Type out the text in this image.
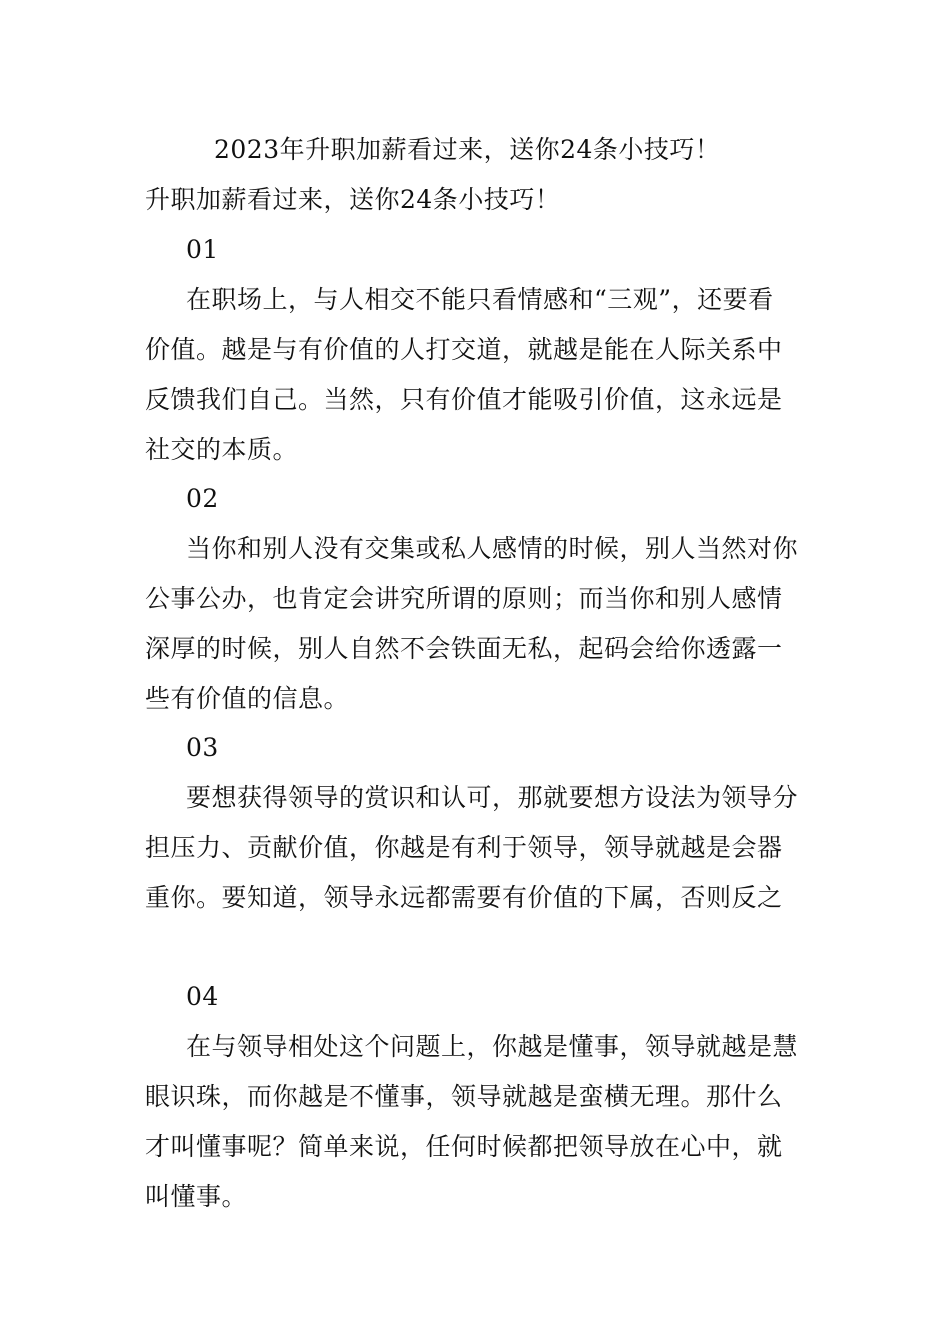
2023年升职加薪看过来，送你24条小技巧！
升职加薪看过来，送你24条小技巧！
01
在职场上，与人相交不能只看情感和“三观”，还要看
价值。越是与有价值的人打交道，就越是能在人际关系中
反馈我们自己。当然，只有价值才能吸引价值，这永远是
社交的本质。
02
当你和别人没有交集或私人感情的时候，别人当然对你
公事公办，也肯定会讲究所谓的原则；而当你和别人感情
深厚的时候，别人自然不会铁面无私，起码会给你透露一
些有价值的信息。
03
要想获得领导的赏识和认可，那就要想方设法为领导分
担压力、贡献价值，你越是有利于领导，领导就越是会器
重你。要知道，领导永远都需要有价值的下属，否则反之
04
在与领导相处这个问题上，你越是懂事，领导就越是慧
眼识珠，而你越是不懂事，领导就越是蛮横无理。那什么
才叫懂事呢？简单来说，任何时候都把领导放在心中，就
叫懂事。
